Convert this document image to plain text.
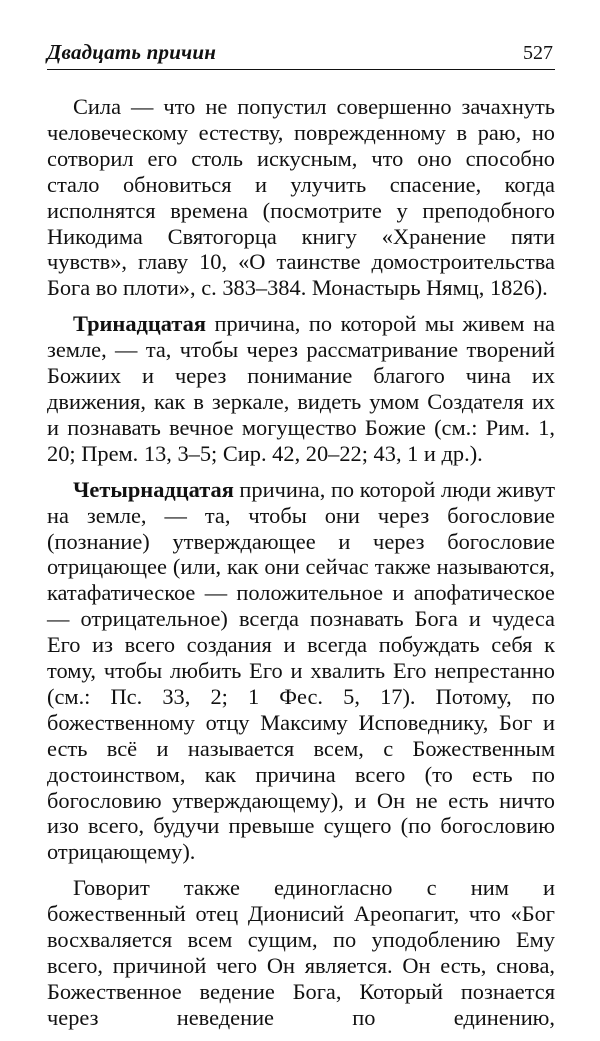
Двадцать причин	527

Сила — что не попустил совершенно зачахнуть человеческому естеству, поврежденному в раю, но сотворил его столь искусным, что оно способно стало обновиться и улучить спасение, когда исполнятся времена (посмотрите у преподобного Никодима Святогорца книгу «Хранение пяти чувств», главу 10, «О таинстве домостроительства Бога во плоти», с. 383–384. Монастырь Нямц, 1826).

Тринадцатая причина, по которой мы живем на земле, — та, чтобы через рассматривание творений Божиих и через понимание благого чина их движения, как в зеркале, видеть умом Создателя их и познавать вечное могущество Божие (см.: Рим. 1, 20; Прем. 13, 3–5; Сир. 42, 20–22; 43, 1 и др.).

Четырнадцатая причина, по которой люди живут на земле, — та, чтобы они через богословие (познание) утверждающее и через богословие отрицающее (или, как они сейчас также называются, катафатическое — положительное и апофатическое — отрицательное) всегда познавать Бога и чудеса Его из всего создания и всегда побуждать себя к тому, чтобы любить Его и хвалить Его непрестанно (см.: Пс. 33, 2; 1 Фес. 5, 17). Потому, по божественному отцу Максиму Исповеднику, Бог и есть всё и называется всем, с Божественным достоинством, как причина всего (то есть по богословию утверждающему), и Он не есть ничто изо всего, будучи превыше сущего (по богословию отрицающему).

Говорит также единогласно с ним и божественный отец Дионисий Ареопагит, что «Бог восхваляется всем сущим, по уподоблению Ему всего, причиной чего Он является. Он есть, снова, Божественное ведение Бога, Который познается через неведение по единению,
